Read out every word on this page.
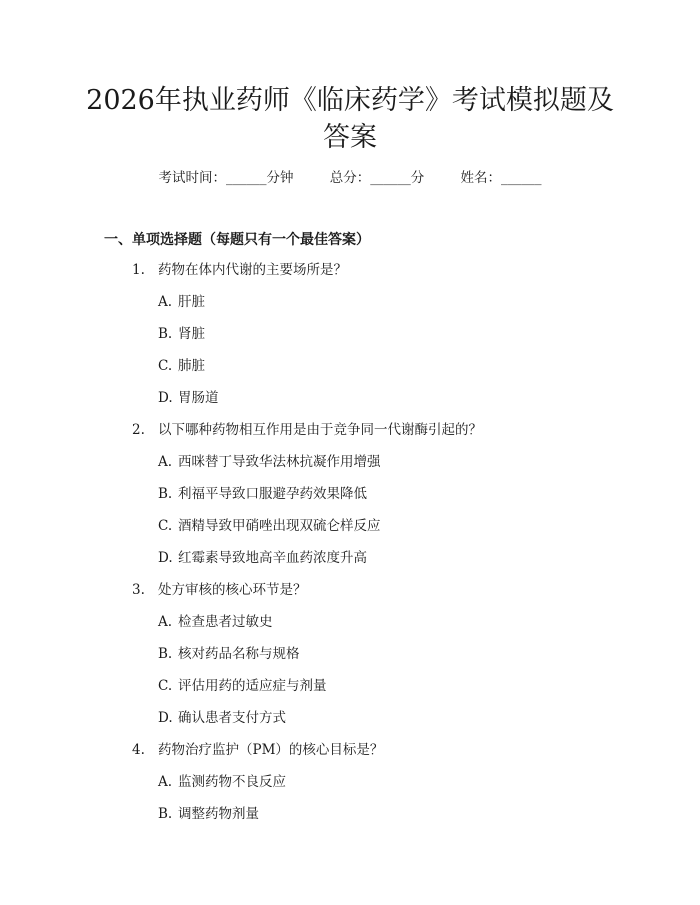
2026年执业药师《临床药学》考试模拟题及答案
考试时间：______分钟	总分：______分	姓名：______
一、单项选择题（每题只有一个最佳答案）
1. 药物在体内代谢的主要场所是？
A. 肝脏
B. 肾脏
C. 肺脏
D. 胃肠道
2. 以下哪种药物相互作用是由于竞争同一代谢酶引起的？
A. 西咪替丁导致华法林抗凝作用增强
B. 利福平导致口服避孕药效果降低
C. 酒精导致甲硝唑出现双硫仑样反应
D. 红霉素导致地高辛血药浓度升高
3. 处方审核的核心环节是？
A. 检查患者过敏史
B. 核对药品名称与规格
C. 评估用药的适应症与剂量
D. 确认患者支付方式
4. 药物治疗监护（PM）的核心目标是？
A. 监测药物不良反应
B. 调整药物剂量
